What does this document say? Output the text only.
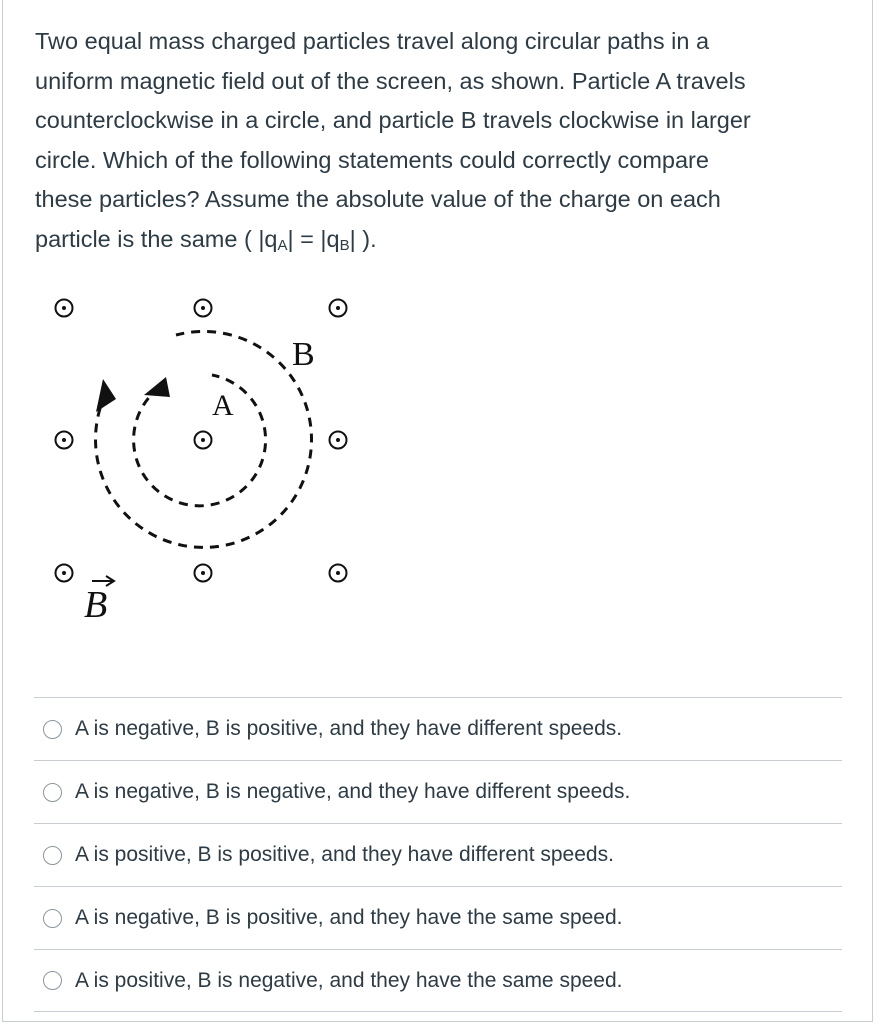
Two equal mass charged particles travel along circular paths in a
uniform magnetic field out of the screen, as shown. Particle A travels
counterclockwise in a circle, and particle B travels clockwise in larger
circle. Which of the following statements could correctly compare
these particles? Assume the absolute value of the charge on each
particle is the same ( $|q_A| = |q_B|$ ).
B
A
B
A is negative, B is positive, and they have different speeds.
A is negative, B is negative, and they have different speeds.
A is positive, B is positive, and they have different speeds.
A is negative, B is positive, and they have the same speed.
A is positive, B is negative, and they have the same speed.
